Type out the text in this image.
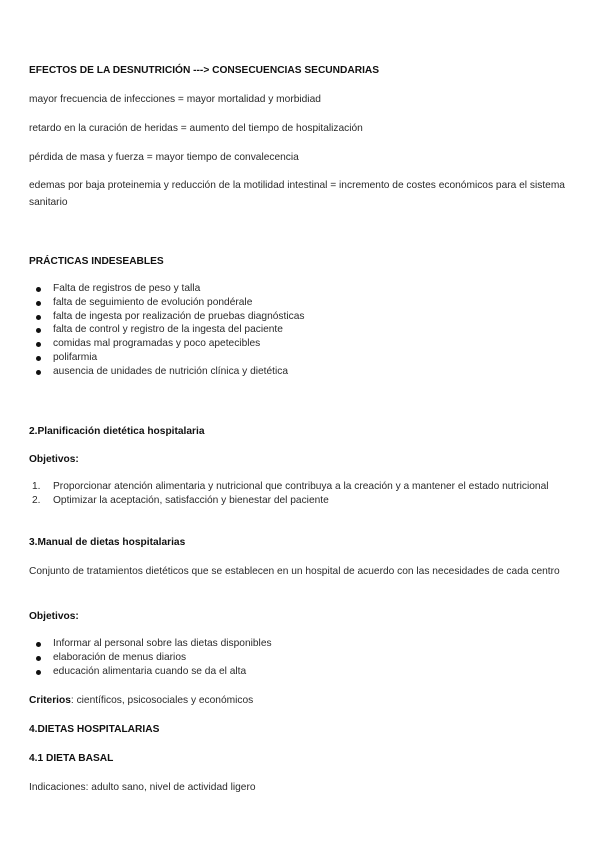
EFECTOS DE LA DESNUTRICIÓN ---> CONSECUENCIAS SECUNDARIAS

mayor frecuencia de infecciones = mayor mortalidad y morbidiad

retardo en la curación de heridas = aumento del tiempo de hospitalización

pérdida de masa y fuerza = mayor tiempo de convalecencia

edemas por baja proteinemia y reducción de la motilidad intestinal = incremento de costes económicos para el sistema sanitario

PRÁCTICAS INDESEABLES

Falta de registros de peso y talla
falta de seguimiento de evolución pondérale
falta de ingesta por realización de pruebas diagnósticas
falta de control y registro de la ingesta del paciente
comidas mal programadas y poco apetecibles
polifarmia
ausencia de unidades de nutrición clínica y dietética

2.Planificación dietética hospitalaria

Objetivos:

1. Proporcionar atención alimentaria y nutricional que contribuya a la creación y a mantener el estado nutricional
2. Optimizar la aceptación, satisfacción y bienestar del paciente

3.Manual de dietas hospitalarias

Conjunto de tratamientos dietéticos que se establecen en un hospital de acuerdo con las necesidades de cada centro

Objetivos:

Informar al personal sobre las dietas disponibles
elaboración de menus diarios
educación alimentaria cuando se da el alta

Criterios: científicos, psicosociales y económicos

4.DIETAS HOSPITALARIAS

4.1 DIETA BASAL

Indicaciones: adulto sano, nivel de actividad ligero
